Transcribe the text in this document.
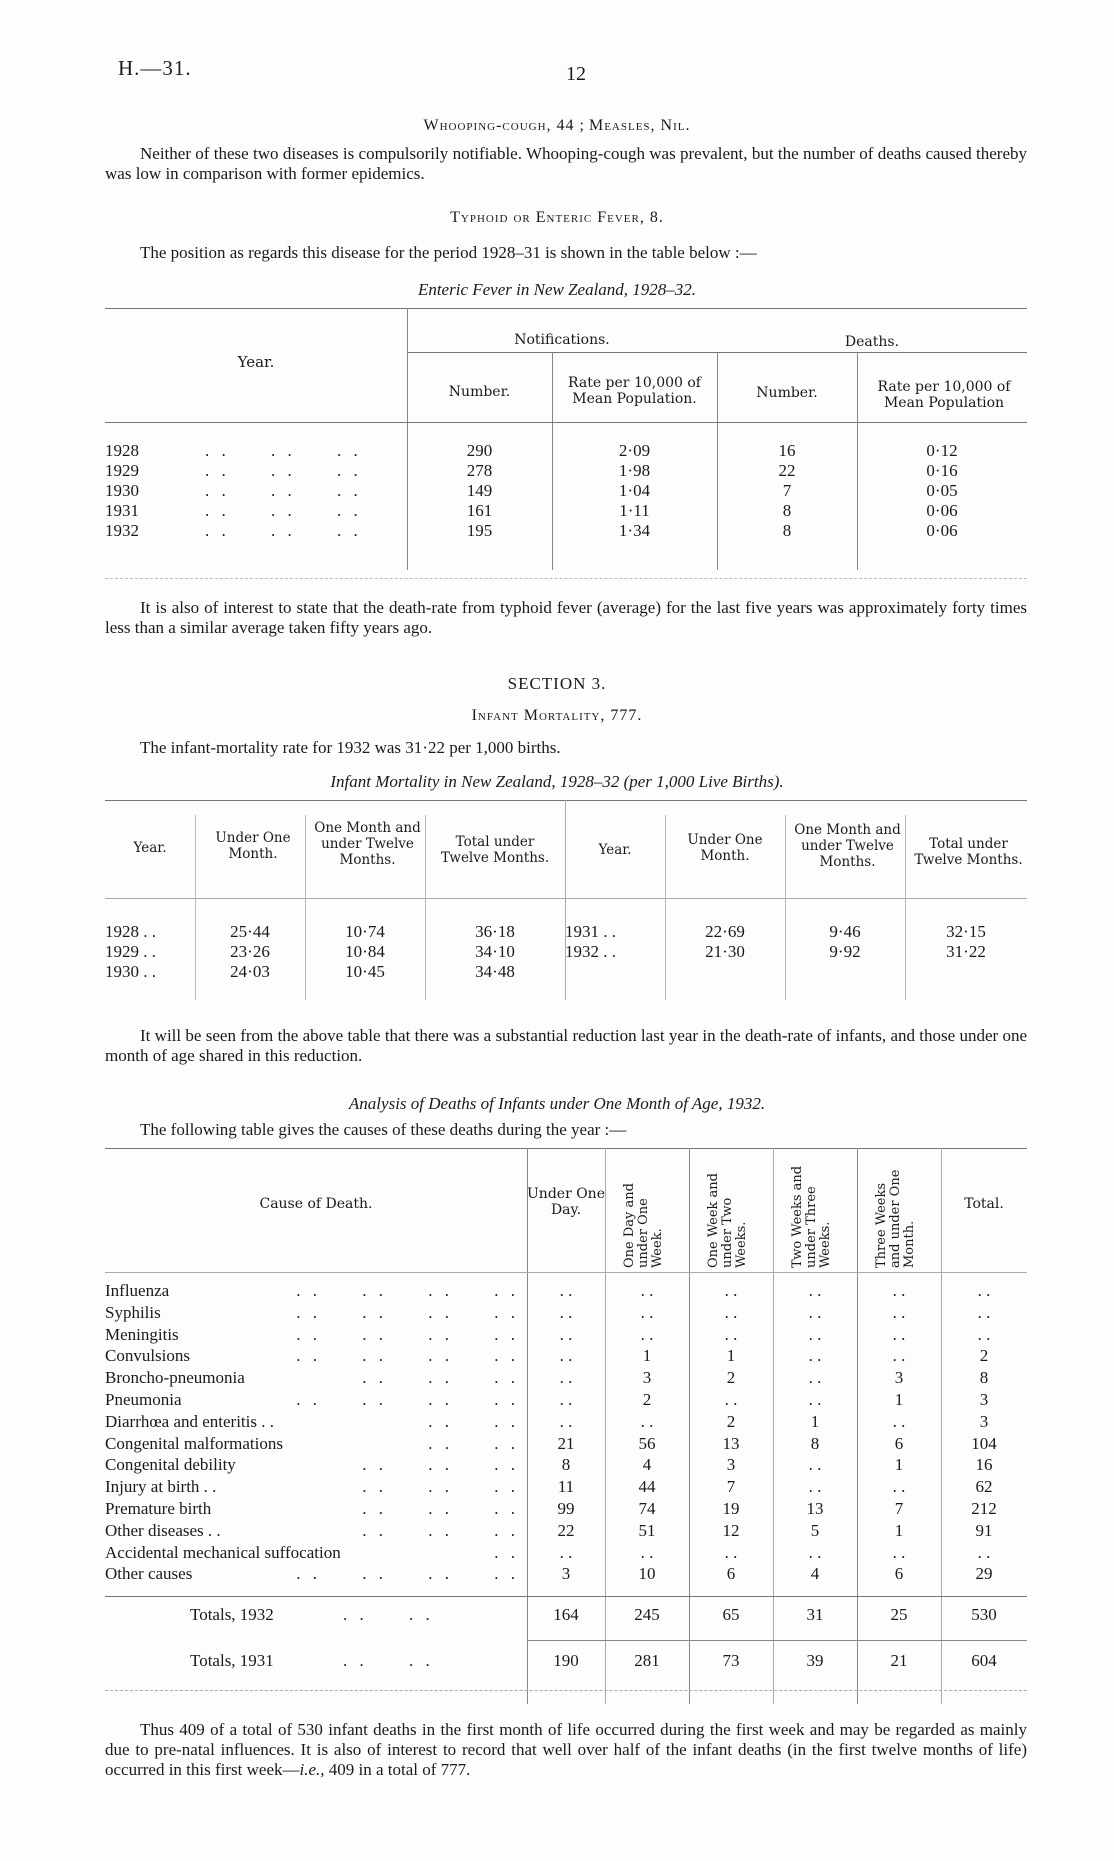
H.—31.	12
Whooping-cough, 44 ; Measles, Nil.
Neither of these two diseases is compulsorily notifiable. Whooping-cough was prevalent, but the number of deaths caused thereby was low in comparison with former epidemics.
Typhoid or Enteric Fever, 8.
The position as regards this disease for the period 1928–31 is shown in the table below :—
Enteric Fever in New Zealand, 1928–32.
Year.
Notifications.	Deaths.
Number.
Rate per 10,000 of Mean Population.	Number.	Rate per 10,000 of Mean Population
1928 . .     . .     . .	290	2·09	16	0·12
1929 . .     . .     . .	278	1·98	22	0·16
1930 . .     . .     . .	149	1·04	7	0·05
1931 . .     . .     . .	161	1·11	8	0·06
1932 . .     . .     . .	195	1·34	8	0·06
It is also of interest to state that the death-rate from typhoid fever (average) for the last five years was approximately forty times less than a similar average taken fifty years ago.
SECTION 3.
Infant Mortality, 777.
The infant-mortality rate for 1932 was 31·22 per 1,000 births.
Infant Mortality in New Zealand, 1928–32 (per 1,000 Live Births).
Year.
Under One Month.
One Month and under Twelve Months.
Total under Twelve Months.	Year.
Under One Month.
One Month and under Twelve Months.
Total under Twelve Months.
1928 . .	25·44	10·74	36·18
1929 . .	23·26	10·84	34·10
1930 . .	24·03	10·45	34·48
1931 . .	22·69	9·46	32·15
1932 . .	21·30	9·92	31·22
It will be seen from the above table that there was a substantial reduction last year in the death-rate of infants, and those under one month of age shared in this reduction.
Analysis of Deaths of Infants under One Month of Age, 1932.
The following table gives the causes of these deaths during the year :—
Cause of Death.
Under One Day.	One Day and under One Week.	One Week and under Two Weeks.	Two Weeks and under Three Weeks.	Three Weeks and under One Month.
Total.
Influenza . .     . .     . .     . .	. .	. .	. .	. .	. .	. .
Syphilis . .     . .     . .     . .	. .	. .	. .	. .	. .	. .
Meningitis . .     . .     . .     . .	. .	. .	. .	. .	. .	. .
Convulsions . .     . .     . .     . .	. .	1	1	. .	. .	2
Broncho-pneumonia . .     . .     . .	. .	3	2	. .	3	8
Pneumonia . .     . .     . .     . .	. .	2	. .	. .	1	3
Diarrhœa and enteritis . . . .     . .	. .	. .	2	1	. .	3
Congenital malformations . .     . .	21	56	13	8	6	104
Congenital debility . .     . .     . .	8	4	3	. .	1	16
Injury at birth . . . .     . .     . .	11	44	7	. .	. .	62
Premature birth . .     . .     . .	99	74	19	13	7	212
Other diseases . . . .     . .     . .	22	51	12	5	1	91
Accidental mechanical suffocation . .	. .	. .	. .	. .	. .	. .
Other causes . .     . .     . .     . .	3	10	6	4	6	29
Totals, 1932	. .     . .	164	245	65	31	25	530
Totals, 1931	. .     . .	190	281	73	39	21	604
Thus 409 of a total of 530 infant deaths in the first month of life occurred during the first week and may be regarded as mainly due to pre-natal influences. It is also of interest to record that well over half of the infant deaths (in the first twelve months of life) occurred in this first week—i.e., 409 in a total of 777.
